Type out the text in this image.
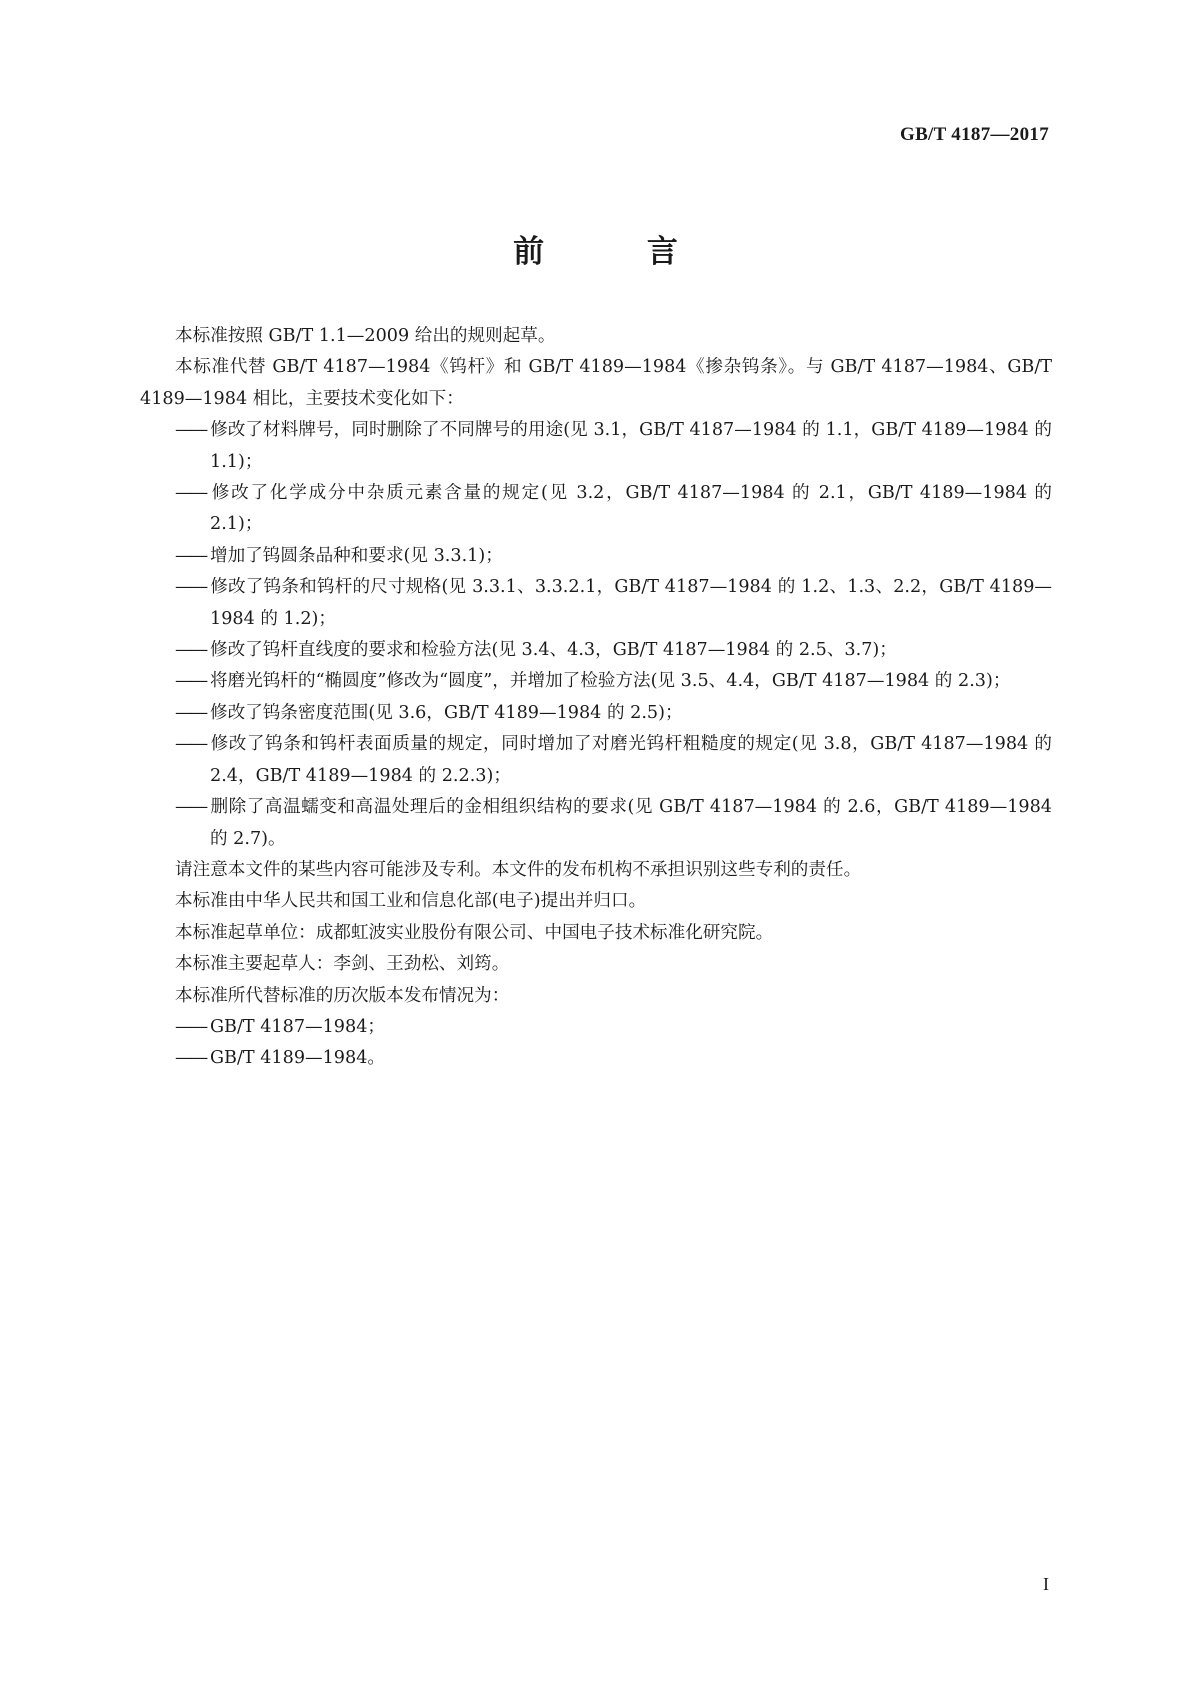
GB/T 4187—2017
前 言

本标准按照 GB/T 1.1—2009 给出的规则起草。

本标准代替 GB/T 4187—1984《钨杆》和 GB/T 4189—1984《掺杂钨条》。与 GB/T 4187—1984、GB/T 4189—1984 相比，主要技术变化如下：

—— 修改了材料牌号，同时删除了不同牌号的用途(见 3.1，GB/T 4187—1984 的 1.1，GB/T 4189—1984 的 1.1)；

—— 修改了化学成分中杂质元素含量的规定(见 3.2，GB/T 4187—1984 的 2.1，GB/T 4189—1984 的 2.1)；

—— 增加了钨圆条品种和要求(见 3.3.1)；

—— 修改了钨条和钨杆的尺寸规格(见 3.3.1、3.3.2.1，GB/T 4187—1984 的 1.2、1.3、2.2，GB/T 4189—1984 的 1.2)；

—— 修改了钨杆直线度的要求和检验方法(见 3.4、4.3，GB/T 4187—1984 的 2.5、3.7)；

—— 将磨光钨杆的“椭圆度”修改为“圆度”，并增加了检验方法(见 3.5、4.4，GB/T 4187—1984 的 2.3)；

—— 修改了钨条密度范围(见 3.6，GB/T 4189—1984 的 2.5)；

—— 修改了钨条和钨杆表面质量的规定，同时增加了对磨光钨杆粗糙度的规定(见 3.8，GB/T 4187—1984 的 2.4，GB/T 4189—1984 的 2.2.3)；

—— 删除了高温蠕变和高温处理后的金相组织结构的要求(见 GB/T 4187—1984 的 2.6，GB/T 4189—1984 的 2.7)。

请注意本文件的某些内容可能涉及专利。本文件的发布机构不承担识别这些专利的责任。

本标准由中华人民共和国工业和信息化部(电子)提出并归口。

本标准起草单位：成都虹波实业股份有限公司、中国电子技术标准化研究院。

本标准主要起草人：李剑、王劲松、刘筠。

本标准所代替标准的历次版本发布情况为：

—— GB/T 4187—1984；

—— GB/T 4189—1984。

I
